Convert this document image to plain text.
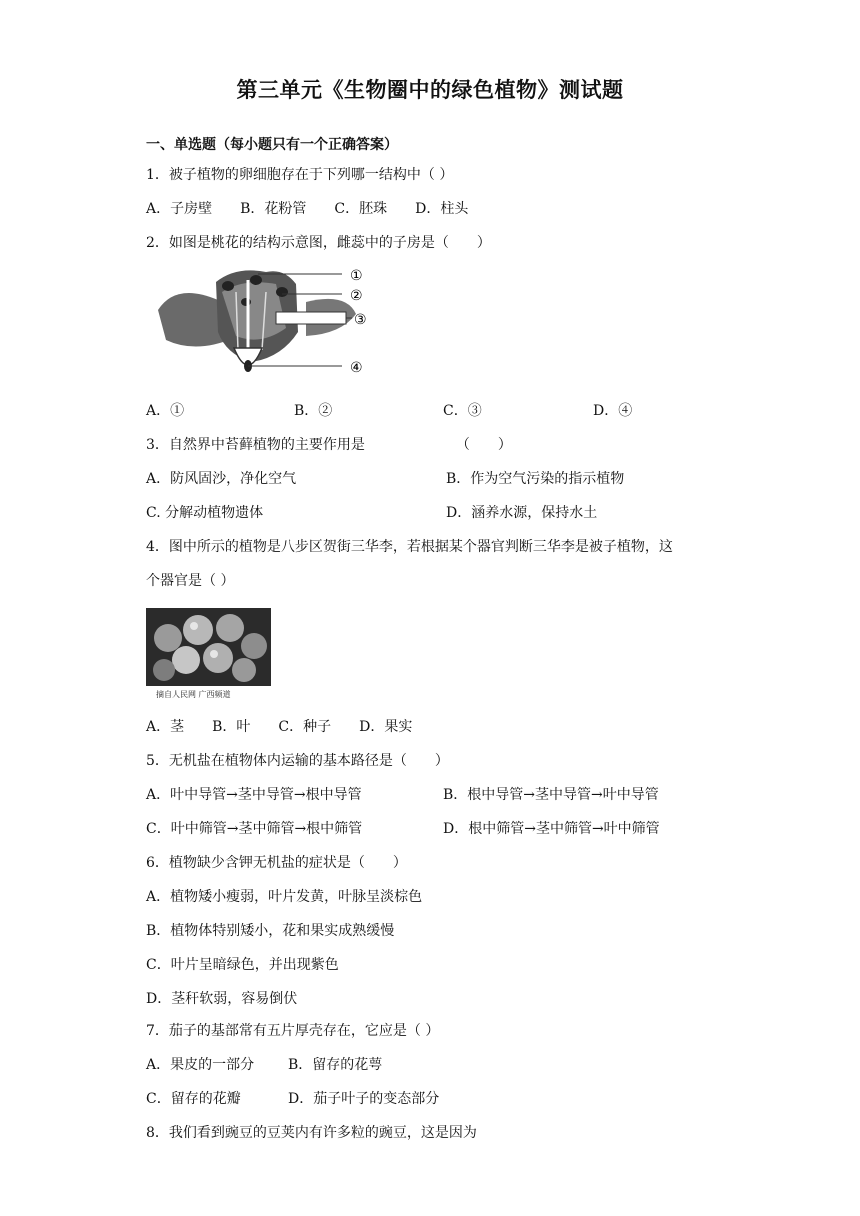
第三单元《生物圈中的绿色植物》测试题
一、单选题（每小题只有一个正确答案）
1．被子植物的卵细胞存在于下列哪一结构中（ ）
A．子房壁　　B．花粉管　　C．胚珠　　D．柱头
2．如图是桃花的结构示意图，雌蕊中的子房是（　　）
①
②
③
④
A．①	B．②	C．③	D．④
3．自然界中苔藓植物的主要作用是　　　　　　　（　　）
A．防风固沙，净化空气	B．作为空气污染的指示植物
C. 分解动植物遗体	D．涵养水源，保持水土
4．图中所示的植物是八步区贺街三华李，若根据某个器官判断三华李是被子植物，这
个器官是（ ）
摘自人民网 广西频道
A．茎　　B．叶　　C．种子　　D．果实
5．无机盐在植物体内运输的基本路径是（　　）
A．叶中导管→茎中导管→根中导管	B．根中导管→茎中导管→叶中导管
C．叶中筛管→茎中筛管→根中筛管	D．根中筛管→茎中筛管→叶中筛管
6．植物缺少含钾无机盐的症状是（　　）
A．植物矮小瘦弱，叶片发黄，叶脉呈淡棕色
B．植物体特别矮小，花和果实成熟缓慢
C．叶片呈暗绿色，并出现紫色
D．茎秆软弱，容易倒伏
7．茄子的基部常有五片厚壳存在，它应是（ ）
A．果皮的一部分 B．留存的花萼
C．留存的花瓣	D．茄子叶子的变态部分
8．我们看到豌豆的豆荚内有许多粒的豌豆，这是因为
